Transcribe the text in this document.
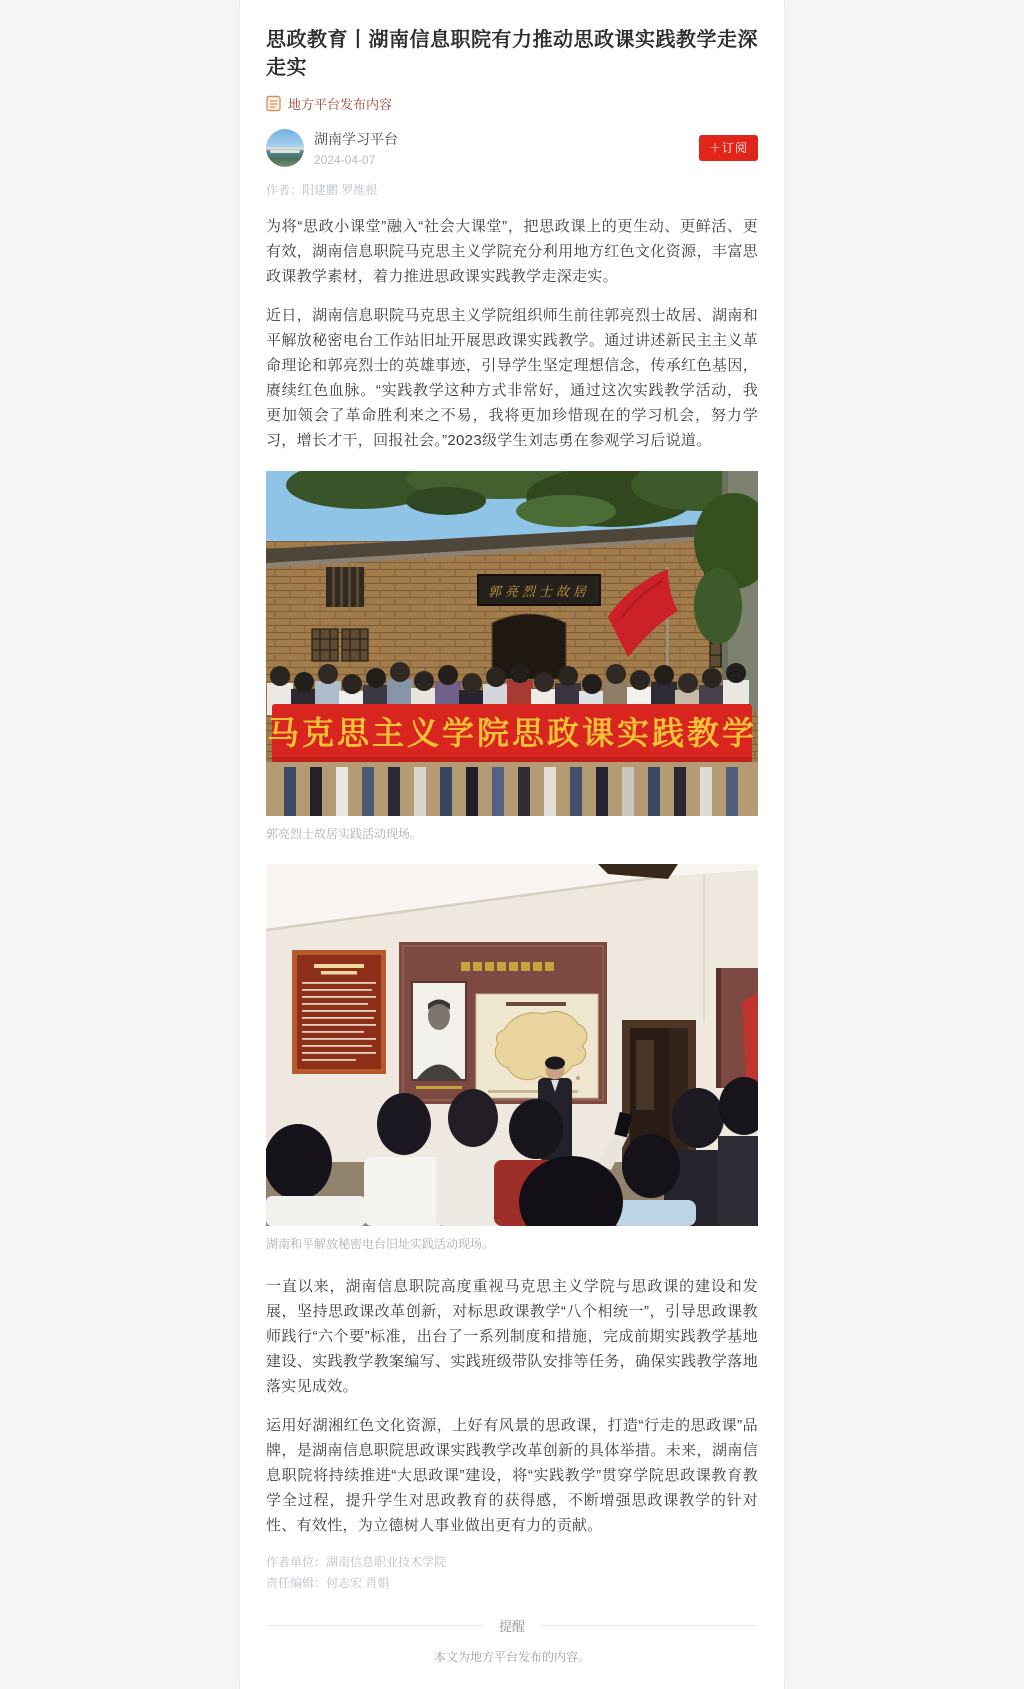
思政教育丨湖南信息职院有力推动思政课实践教学走深走实
地方平台发布内容
湖南学习平台
2024-04-07
＋订阅
作者：阳建鹏 罗维根

为将“思政小课堂”融入“社会大课堂”，把思政课上的更生动、更鲜活、更有效，湖南信息职院马克思主义学院充分利用地方红色文化资源，丰富思政课教学素材，着力推进思政课实践教学走深走实。

近日，湖南信息职院马克思主义学院组织师生前往郭亮烈士故居、湖南和平解放秘密电台工作站旧址开展思政课实践教学。通过讲述新民主主义革命理论和郭亮烈士的英雄事迹，引导学生坚定理想信念，传承红色基因，赓续红色血脉。“实践教学这种方式非常好，通过这次实践教学活动，我更加领会了革命胜利来之不易，我将更加珍惜现在的学习机会，努力学习，增长才干，回报社会。”2023级学生刘志勇在参观学习后说道。

郭亮烈士故居
马克思主义学院思政课实践教学
郭亮烈士故居实践活动现场。
湖南和平解放秘密电台旧址实践活动现场。

一直以来，湖南信息职院高度重视马克思主义学院与思政课的建设和发展，坚持思政课改革创新，对标思政课教学“八个相统一”，引导思政课教师践行“六个要”标准，出台了一系列制度和措施，完成前期实践教学基地建设、实践教学教案编写、实践班级带队安排等任务，确保实践教学落地落实见成效。

运用好湖湘红色文化资源，上好有风景的思政课，打造“行走的思政课”品牌，是湖南信息职院思政课实践教学改革创新的具体举措。未来，湖南信息职院将持续推进“大思政课”建设，将“实践教学”贯穿学院思政课教育教学全过程，提升学生对思政教育的获得感，不断增强思政课教学的针对性、有效性，为立德树人事业做出更有力的贡献。

作者单位：湖南信息职业技术学院
责任编辑：何志宏 肖娟
提醒
本文为地方平台发布的内容。
